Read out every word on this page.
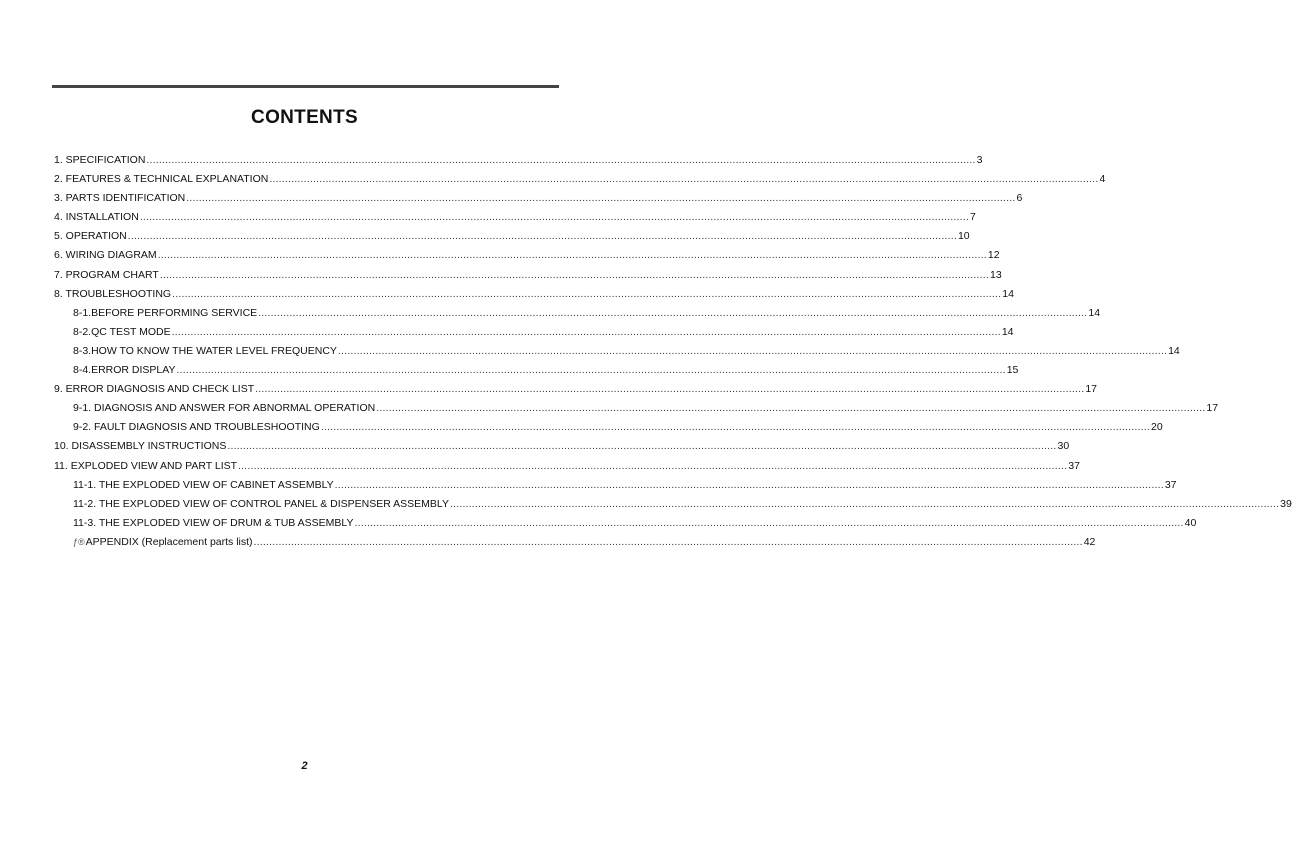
CONTENTS
1. SPECIFICATION .......................................................................................................................................................................................................................................................................... 3
2. FEATURES & TECHNICAL EXPLANATION .......................................................................................................................................................................................................................................................................... 4
3. PARTS IDENTIFICATION .......................................................................................................................................................................................................................................................................... 6
4. INSTALLATION .......................................................................................................................................................................................................................................................................... 7
5. OPERATION .......................................................................................................................................................................................................................................................................... 10
6. WIRING DIAGRAM .......................................................................................................................................................................................................................................................................... 12
7. PROGRAM CHART .......................................................................................................................................................................................................................................................................... 13
8. TROUBLESHOOTING .......................................................................................................................................................................................................................................................................... 14
8-1.BEFORE PERFORMING SERVICE .......................................................................................................................................................................................................................................................................... 14
8-2.QC TEST MODE .......................................................................................................................................................................................................................................................................... 14
8-3.HOW TO KNOW THE WATER LEVEL FREQUENCY .......................................................................................................................................................................................................................................................................... 14
8-4.ERROR DISPLAY .......................................................................................................................................................................................................................................................................... 15
9. ERROR DIAGNOSIS AND CHECK LIST .......................................................................................................................................................................................................................................................................... 17
9-1. DIAGNOSIS AND ANSWER FOR ABNORMAL OPERATION .......................................................................................................................................................................................................................................................................... 17
9-2. FAULT DIAGNOSIS AND TROUBLESHOOTING .......................................................................................................................................................................................................................................................................... 20
10. DISASSEMBLY INSTRUCTIONS .......................................................................................................................................................................................................................................................................... 30
11. EXPLODED VIEW AND PART LIST .......................................................................................................................................................................................................................................................................... 37
11-1. THE EXPLODED VIEW OF CABINET ASSEMBLY .......................................................................................................................................................................................................................................................................... 37
11-2. THE EXPLODED VIEW OF CONTROL PANEL & DISPENSER ASSEMBLY .......................................................................................................................................................................................................................................................................... 39
11-3. THE EXPLODED VIEW OF DRUM & TUB ASSEMBLY .......................................................................................................................................................................................................................................................................... 40
ƒ®APPENDIX (Replacement parts list) .......................................................................................................................................................................................................................................................................... 42
2
